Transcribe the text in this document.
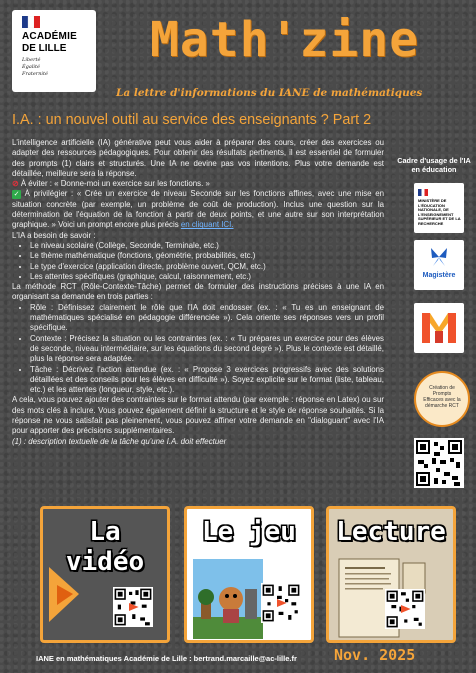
ACADÉMIE
DE LILLE
Liberté
Égalité
Fraternité
Math'zine
La lettre d'informations du IANE de mathématiques
I.A. : un nouvel outil au service des enseignants ? Part 2

L'intelligence artificielle (IA) générative peut vous aider à préparer des cours, créer des exercices ou adapter des ressources pédagogiques. Pour obtenir des résultats pertinents, il est essentiel de formuler des prompts (1) clairs et structurés. Une IA ne devine pas vos intentions. Plus votre demande est détaillée, meilleure sera la réponse.

⊘ À éviter : « Donne-moi un exercice sur les fonctions. »

✓ À privilégier : « Crée un exercice de niveau Seconde sur les fonctions affines, avec une mise en situation concrète (par exemple, un problème de coût de production). Inclus une question sur la détermination de l'équation de la fonction à partir de deux points, et une autre sur son interprétation graphique. » Voici un prompt encore plus précis en cliquant ICI.

L'IA a besoin de savoir :

• Le niveau scolaire (Collège, Seconde, Terminale, etc.)
• Le thème mathématique (fonctions, géométrie, probabilités, etc.)
• Le type d'exercice (application directe, problème ouvert, QCM, etc.)
• Les attentes spécifiques (graphique, calcul, raisonnement, etc.)

La méthode RCT (Rôle-Contexte-Tâche) permet de formuler des instructions précises à une IA en organisant sa demande en trois parties :

• Rôle : Définissez clairement le rôle que l'IA doit endosser (ex. : « Tu es un enseignant de mathématiques spécialisé en pédagogie différenciée »). Cela oriente ses réponses vers un profil spécifique.
• Contexte : Précisez la situation ou les contraintes (ex. : « Tu prépares un exercice pour des élèves de seconde, niveau intermédiaire, sur les équations du second degré »). Plus le contexte est détaillé, plus la réponse sera adaptée.
• Tâche : Décrivez l'action attendue (ex. : « Propose 3 exercices progressifs avec des solutions détaillées et des conseils pour les élèves en difficulté »). Soyez explicite sur le format (liste, tableau, etc.) et les attentes (longueur, style, etc.).

A cela, vous pouvez ajouter des contraintes sur le format attendu (par exemple : réponse en Latex) ou sur des mots clés à inclure. Vous pouvez également définir la structure et le style de réponse souhaités. Si la réponse ne vous satisfait pas pleinement, vous pouvez affiner votre demande en "dialoguant" avec l'IA pour apporter des précisions supplémentaires.

(1) : description textuelle de la tâche qu'une I.A. doit effectuer

Cadre d'usage de l'IA en éducation
MINISTÈRE DE L'ÉDUCATION NATIONALE, DE L'ENSEIGNEMENT SUPÉRIEUR ET DE LA RECHERCHE
Magistère
Création de Prompts Efficaces avec la démarche RCT
La vidéo
Le jeu	Lecture
IANE en mathématiques Académie de Lille : bertrand.marcaille@ac-lille.fr Nov. 2025
